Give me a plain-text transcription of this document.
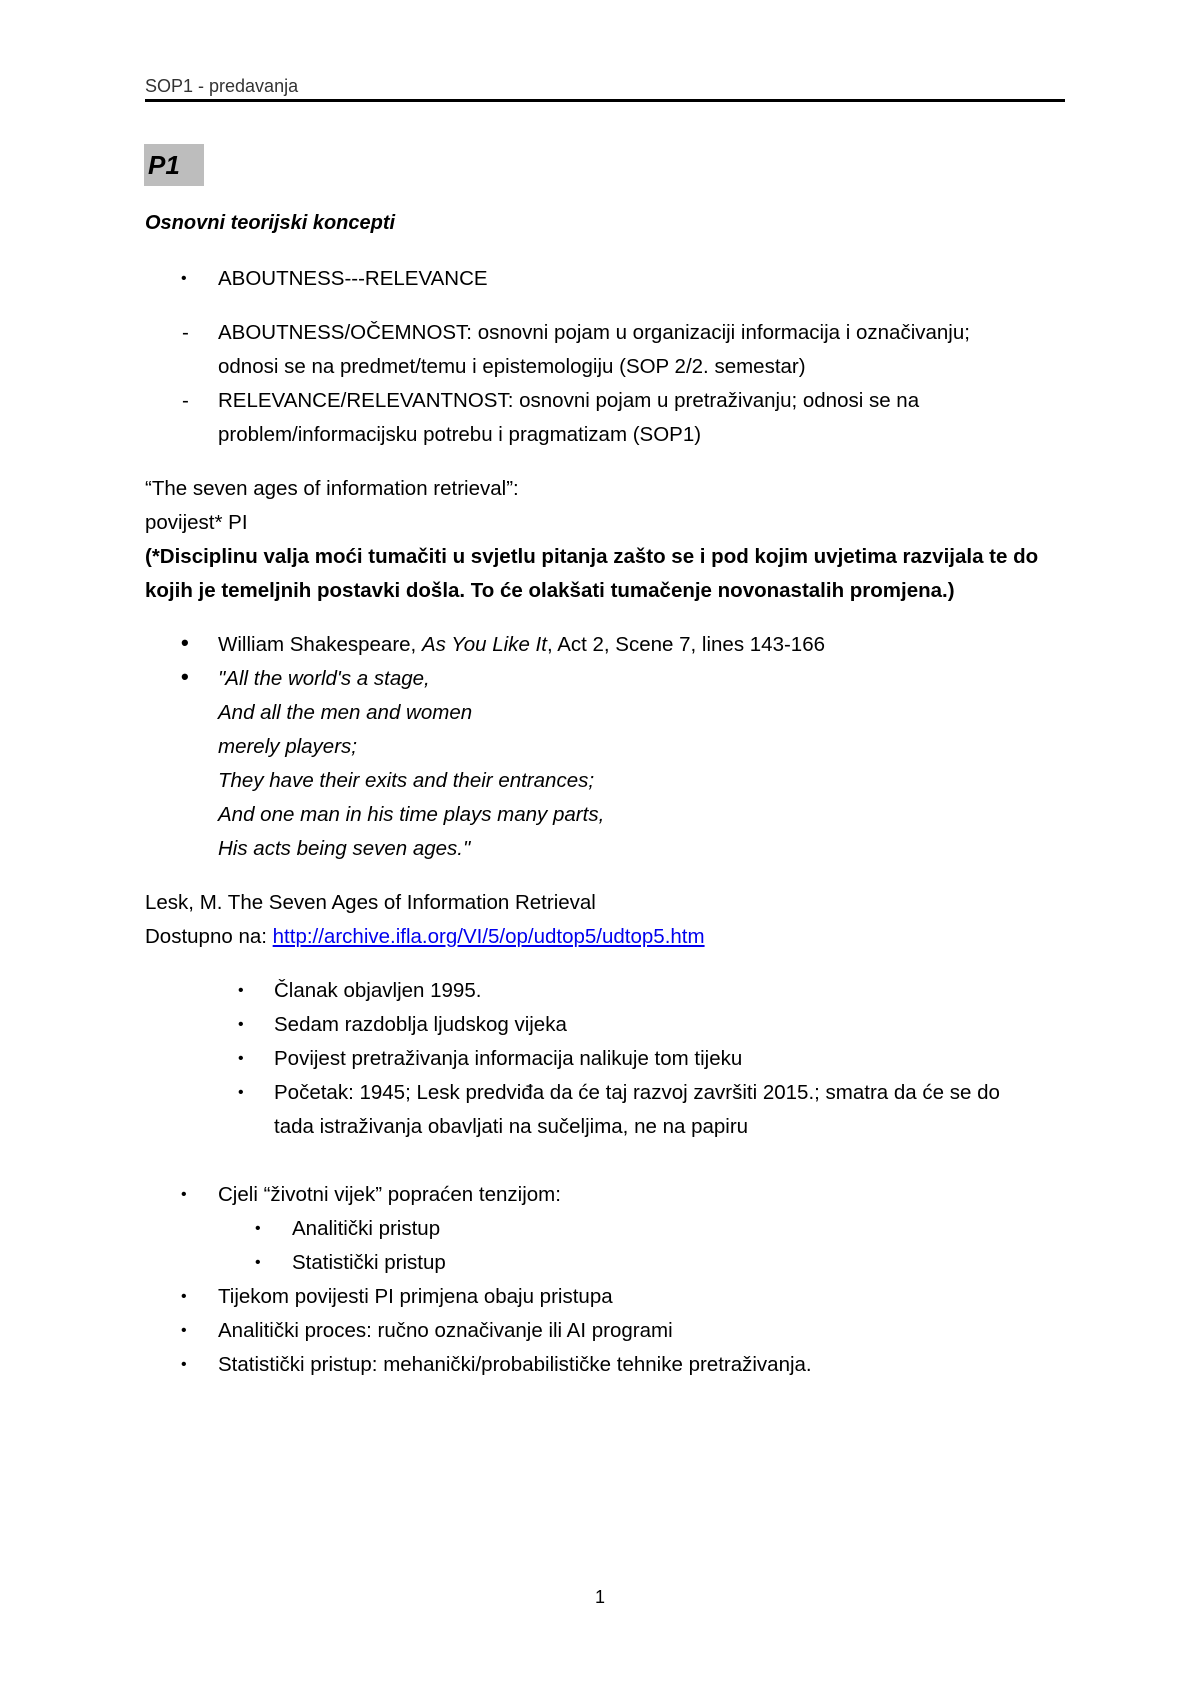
SOP1 - predavanja
P1
Osnovni teorijski koncepti
• ABOUTNESS---RELEVANCE
- ABOUTNESS/OČEMNOST: osnovni pojam u organizaciji informacija i označivanju;
odnosi se na predmet/temu i epistemologiju (SOP 2/2. semestar)
- RELEVANCE/RELEVANTNOST: osnovni pojam u pretraživanju; odnosi se na
problem/informacijsku potrebu i pragmatizam (SOP1)
“The seven ages of information retrieval”:
povijest* PI
(*Disciplinu valja moći tumačiti u svjetlu pitanja zašto se i pod kojim uvjetima razvijala te do
kojih je temeljnih postavki došla. To će olakšati tumačenje novonastalih promjena.)
• William Shakespeare, As You Like It, Act 2, Scene 7, lines 143-166
• "All the world's a stage,
And all the men and women
merely players;
They have their exits and their entrances;
And one man in his time plays many parts,
His acts being seven ages."
Lesk, M. The Seven Ages of Information Retrieval
Dostupno na: http://archive.ifla.org/VI/5/op/udtop5/udtop5.htm
• Članak objavljen 1995.
• Sedam razdoblja ljudskog vijeka
• Povijest pretraživanja informacija nalikuje tom tijeku
• Početak: 1945; Lesk predviđa da će taj razvoj završiti 2015.; smatra da će se do
tada istraživanja obavljati na sučeljima, ne na papiru
• Cjeli “životni vijek” popraćen tenzijom:
• Analitički pristup
• Statistički pristup
• Tijekom povijesti PI primjena obaju pristupa
• Analitički proces: ručno označivanje ili AI programi
• Statistički pristup: mehanički/probabilističke tehnike pretraživanja.
1
